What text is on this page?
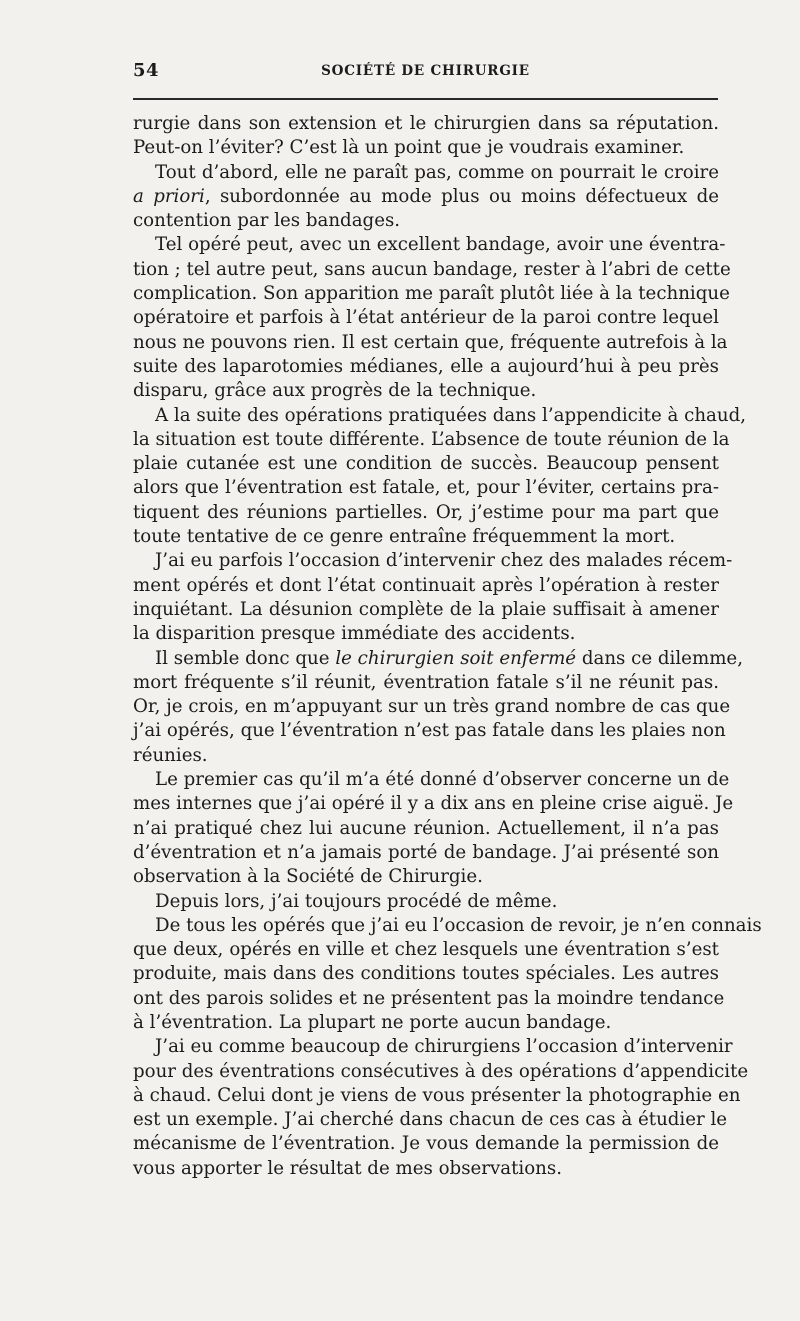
54	SOCIÉTÉ DE CHIRURGIE
rurgie dans son extension et le chirurgien dans sa réputation.
Peut-on l’éviter? C’est là un point que je voudrais examiner.
Tout d’abord, elle ne paraît pas, comme on pourrait le croire
a priori, subordonnée au mode plus ou moins défectueux de
contention par les bandages.
Tel opéré peut, avec un excellent bandage, avoir une éventra-
tion ; tel autre peut, sans aucun bandage, rester à l’abri de cette
complication. Son apparition me paraît plutôt liée à la technique
opératoire et parfois à l’état antérieur de la paroi contre lequel
nous ne pouvons rien. Il est certain que, fréquente autrefois à la
suite des laparotomies médianes, elle a aujourd’hui à peu près
disparu, grâce aux progrès de la technique.
A la suite des opérations pratiquées dans l’appendicite à chaud,
la situation est toute différente. L’absence de toute réunion de la
plaie cutanée est une condition de succès. Beaucoup pensent
alors que l’éventration est fatale, et, pour l’éviter, certains pra-
tiquent des réunions partielles. Or, j’estime pour ma part que
toute tentative de ce genre entraîne fréquemment la mort.
J’ai eu parfois l’occasion d’intervenir chez des malades récem-
ment opérés et dont l’état continuait après l’opération à rester
inquiétant. La désunion complète de la plaie suffisait à amener
la disparition presque immédiate des accidents.
Il semble donc que le chirurgien soit enfermé dans ce dilemme,
mort fréquente s’il réunit, éventration fatale s’il ne réunit pas.
Or, je crois, en m’appuyant sur un très grand nombre de cas que
j’ai opérés, que l’éventration n’est pas fatale dans les plaies non
réunies.
Le premier cas qu’il m’a été donné d’observer concerne un de
mes internes que j’ai opéré il y a dix ans en pleine crise aiguë. Je
n’ai pratiqué chez lui aucune réunion. Actuellement, il n’a pas
d’éventration et n’a jamais porté de bandage. J’ai présenté son
observation à la Société de Chirurgie.
Depuis lors, j’ai toujours procédé de même.
De tous les opérés que j’ai eu l’occasion de revoir, je n’en connais
que deux, opérés en ville et chez lesquels une éventration s’est
produite, mais dans des conditions toutes spéciales. Les autres
ont des parois solides et ne présentent pas la moindre tendance
à l’éventration. La plupart ne porte aucun bandage.
J’ai eu comme beaucoup de chirurgiens l’occasion d’intervenir
pour des éventrations consécutives à des opérations d’appendicite
à chaud. Celui dont je viens de vous présenter la photographie en
est un exemple. J’ai cherché dans chacun de ces cas à étudier le
mécanisme de l’éventration. Je vous demande la permission de
vous apporter le résultat de mes observations.
